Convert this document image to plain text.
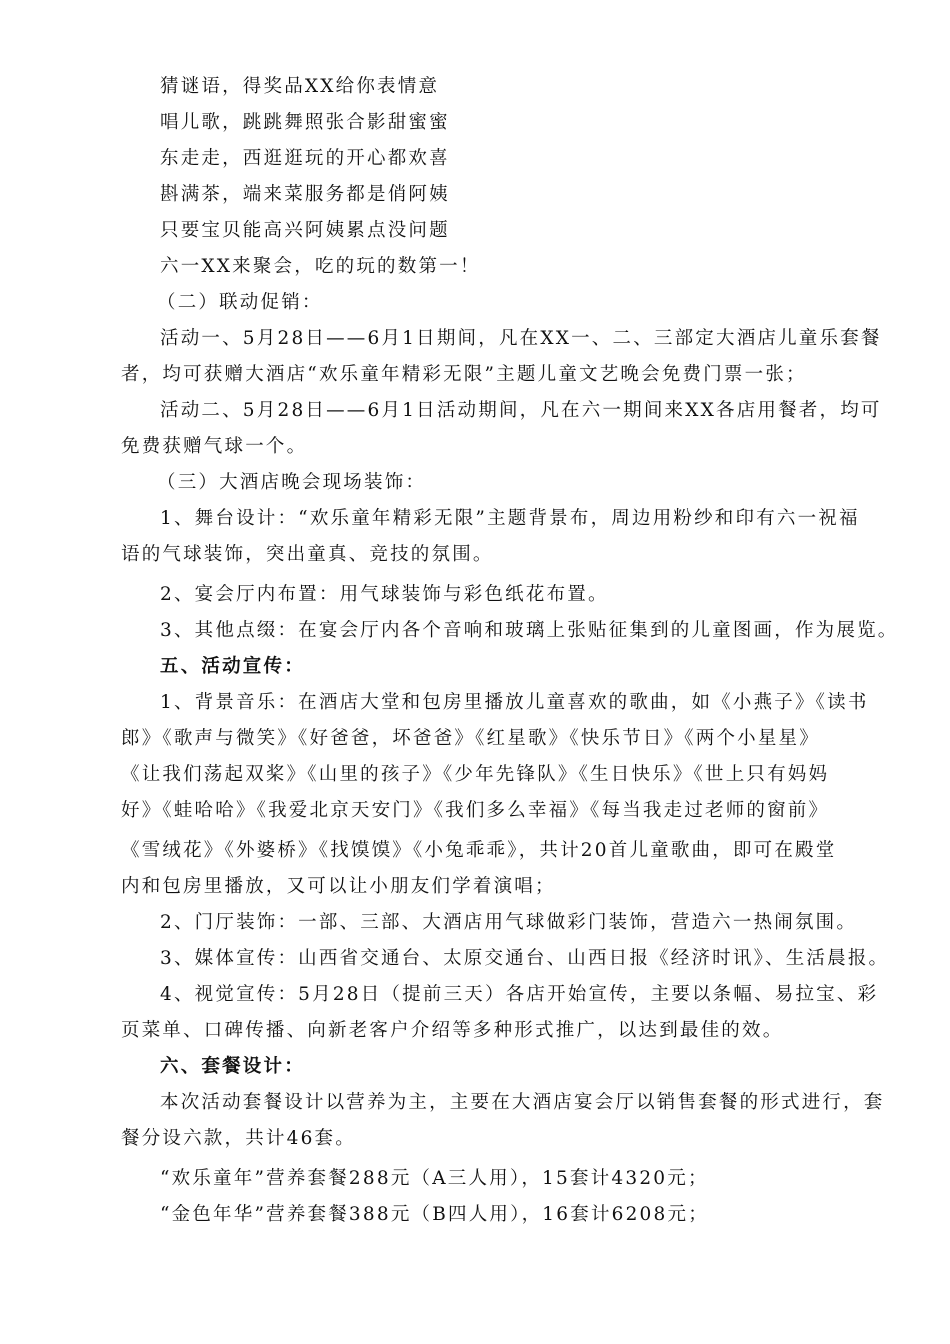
猜谜语，得奖品XX给你表情意
唱儿歌，跳跳舞照张合影甜蜜蜜
东走走，西逛逛玩的开心都欢喜
斟满茶，端来菜服务都是俏阿姨
只要宝贝能高兴阿姨累点没问题
六一XX来聚会，吃的玩的数第一！
（二）联动促销：
活动一、5月28日——6月1日期间，凡在XX一、二、三部定大酒店儿童乐套餐
者，均可获赠大酒店“欢乐童年精彩无限”主题儿童文艺晚会免费门票一张；
活动二、5月28日——6月1日活动期间，凡在六一期间来XX各店用餐者，均可
免费获赠气球一个。
（三）大酒店晚会现场装饰：
1、舞台设计：“欢乐童年精彩无限”主题背景布，周边用粉纱和印有六一祝福
语的气球装饰，突出童真、竞技的氛围。
2、宴会厅内布置：用气球装饰与彩色纸花布置。
3、其他点缀：在宴会厅内各个音响和玻璃上张贴征集到的儿童图画，作为展览。
五、活动宣传：
1、背景音乐：在酒店大堂和包房里播放儿童喜欢的歌曲，如《小燕子》《读书
郎》《歌声与微笑》《好爸爸，坏爸爸》《红星歌》《快乐节日》《两个小星星》
《让我们荡起双桨》《山里的孩子》《少年先锋队》《生日快乐》《世上只有妈妈
好》《蛙哈哈》《我爱北京天安门》《我们多么幸福》《每当我走过老师的窗前》
《雪绒花》《外婆桥》《找馍馍》《小兔乖乖》，共计20首儿童歌曲，即可在殿堂
内和包房里播放，又可以让小朋友们学着演唱；
2、门厅装饰：一部、三部、大酒店用气球做彩门装饰，营造六一热闹氛围。
3、媒体宣传：山西省交通台、太原交通台、山西日报《经济时讯》、生活晨报。
4、视觉宣传：5月28日（提前三天）各店开始宣传，主要以条幅、易拉宝、彩
页菜单、口碑传播、向新老客户介绍等多种形式推广，以达到最佳的效。
六、套餐设计：
本次活动套餐设计以营养为主，主要在大酒店宴会厅以销售套餐的形式进行，套
餐分设六款，共计46套。
“欢乐童年”营养套餐288元（A三人用），15套计4320元；
“金色年华”营养套餐388元（B四人用），16套计6208元；
